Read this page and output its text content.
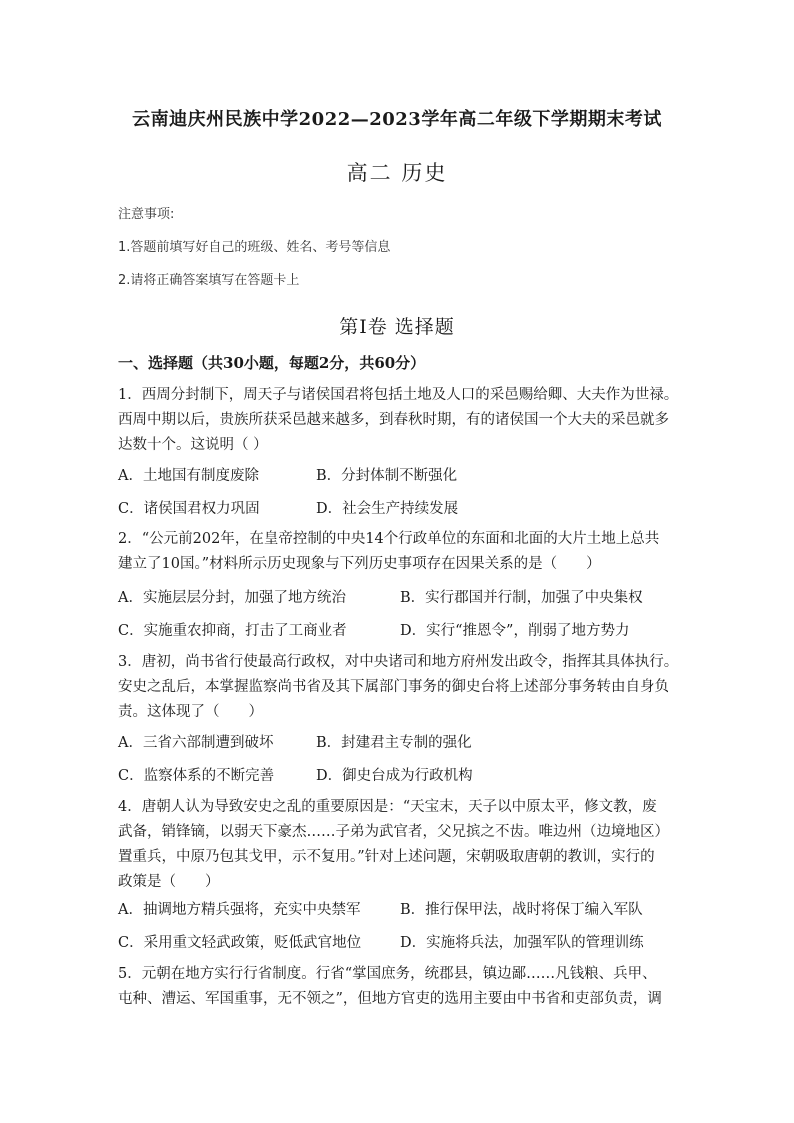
云南迪庆州民族中学2022—2023学年高二年级下学期期末考试
高二 历史
注意事项:
1.答题前填写好自己的班级、姓名、考号等信息
2.请将正确答案填写在答题卡上
第Ⅰ卷 选择题
一、选择题（共30小题，每题2分，共60分）
1．西周分封制下，周天子与诸侯国君将包括土地及人口的采邑赐给卿、大夫作为世禄。
西周中期以后，贵族所获采邑越来越多，到春秋时期，有的诸侯国一个大夫的采邑就多
达数十个。这说明（ ）
A．土地国有制度废除	B．分封体制不断强化
C．诸侯国君权力巩固	D．社会生产持续发展
2．“公元前202年，在皇帝控制的中央14个行政单位的东面和北面的大片土地上总共
建立了10国。”材料所示历史现象与下列历史事项存在因果关系的是（　　）
A．实施层层分封，加强了地方统治	B．实行郡国并行制，加强了中央集权
C．实施重农抑商，打击了工商业者	D．实行“推恩令”，削弱了地方势力
3．唐初，尚书省行使最高行政权，对中央诸司和地方府州发出政令，指挥其具体执行。
安史之乱后，本掌握监察尚书省及其下属部门事务的御史台将上述部分事务转由自身负
责。这体现了（　　）
A．三省六部制遭到破坏	B．封建君主专制的强化
C．监察体系的不断完善	D．御史台成为行政机构
4．唐朝人认为导致安史之乱的重要原因是：“天宝末，天子以中原太平，修文教，废
武备，销锋镝，以弱天下豪杰……子弟为武官者，父兄摈之不齿。唯边州（边境地区）
置重兵，中原乃包其戈甲，示不复用。”针对上述问题，宋朝吸取唐朝的教训，实行的
政策是（　　）
A．抽调地方精兵强将，充实中央禁军	B．推行保甲法，战时将保丁编入军队
C．采用重文轻武政策，贬低武官地位	D．实施将兵法，加强军队的管理训练
5．元朝在地方实行行省制度。行省“掌国庶务，统郡县，镇边鄙……凡钱粮、兵甲、
屯种、漕运、军国重事，无不领之”，但地方官吏的选用主要由中书省和吏部负责，调
